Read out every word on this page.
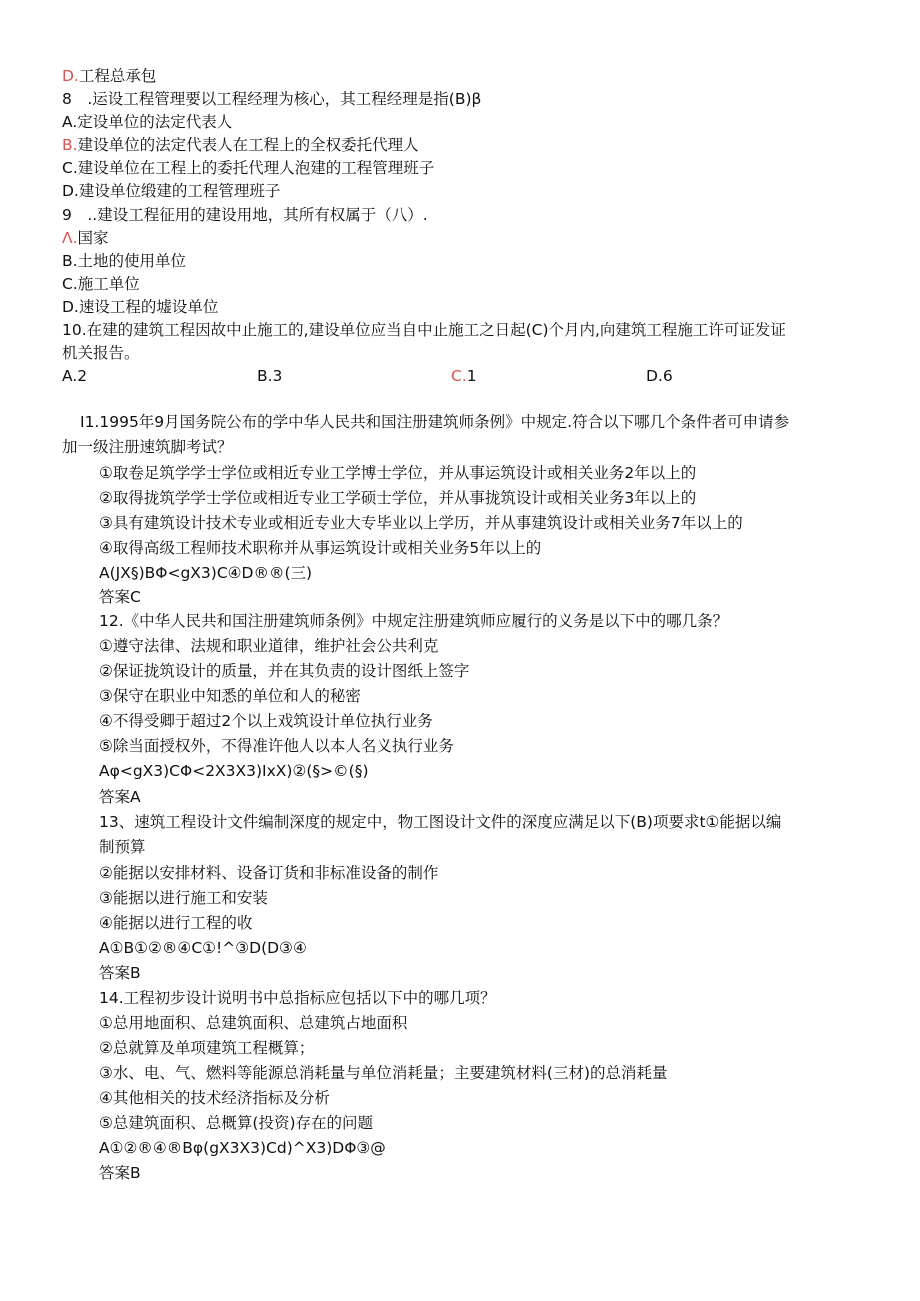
D.工程总承包
8　.运设工程管理要以工程经理为核心，其工程经理是指(B)β
A.定设单位的法定代表人
B.建设单位的法定代表人在工程上的全权委托代理人
C.建设单位在工程上的委托代理人泡建的工程管理班子
D.建设单位缎建的工程管理班子
9　..建设工程征用的建设用地，其所有权属于（八）.
Λ.国家
B.土地的使用单位
C.施工单位
D.速设工程的墟设单位
10.在建的建筑工程因故中止施工的,建设单位应当自中止施工之日起(C)个月内,向建筑工程施工许可证发证
机关报告。
A.2	B.3	C.1	D.6
I1.1995年9月国务院公布的学中华人民共和国注册建筑师条例》中规定.符合以下哪几个条件者可申请参
加一级注册速筑脚考试？
①取卷足筑学学士学位或相近专业工学博士学位，并从事运筑设计或相关业务2年以上的
②取得拢筑学学士学位或相近专业工学硕士学位，并从事拢筑设计或相关业务3年以上的
③具有建筑设计技术专业或相近专业大专毕业以上学历，并从事建筑设计或相关业务7年以上的
④取得高级工程师技术职称并从事运筑设计或相关业务5年以上的
A(JX§)BΦ<gX3)C④D®®(三)
答案C
12.《中华人民共和国注册建筑师条例》中规定注册建筑师应履行的义务是以下中的哪几条？
①遵守法律、法规和职业道律，维护社会公共利克
②保证拢筑设计的质量，并在其负责的设计图纸上签字
③保守在职业中知悉的单位和人的秘密
④不得受卿于超过2个以上戏筑设计单位执行业务
⑤除当面授权外，不得准许他人以本人名义执行业务
Aφ<gX3)CΦ<2X3X3)IxX)②(§>©(§)
答案A
13、速筑工程设计文件编制深度的规定中，物工图设计文件的深度应满足以下(B)项要求t①能据以编
制预算
②能据以安排材料、设备订货和非标准设备的制作
③能据以进行施工和安装
④能据以进行工程的收
A①B①②®④C①!^③D(D③④
答案B
14.工程初步设计说明书中总指标应包括以下中的哪几项？
①总用地面积、总建筑面积、总建筑占地面积
②总就算及单项建筑工程概算；
③水、电、气、燃料等能源总消耗量与单位消耗量；主要建筑材料(三材)的总消耗量
④其他相关的技术经济指标及分析
⑤总建筑面积、总概算(投资)存在的问题
A①②®④®Bφ(gX3X3)Cd)^X3)DΦ③@
答案B
